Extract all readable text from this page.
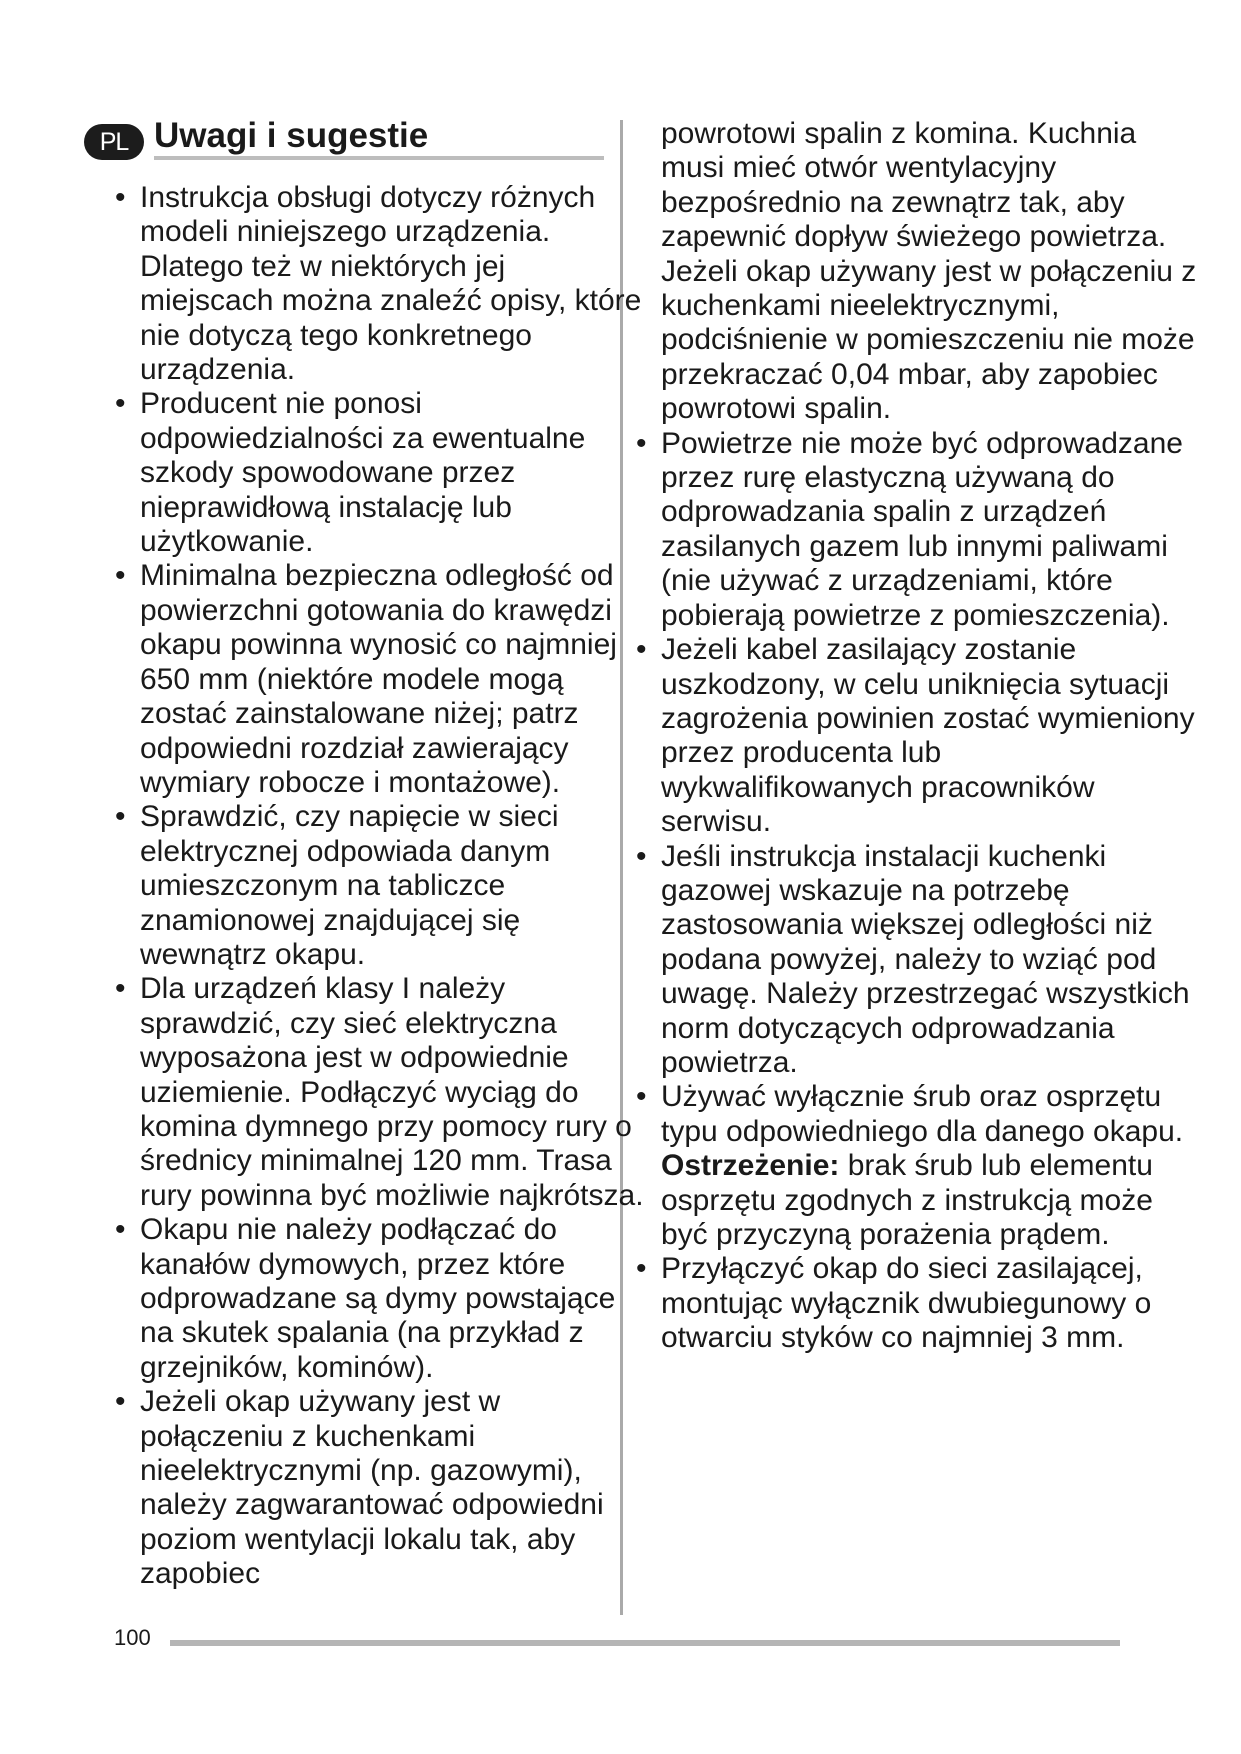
PL Uwagi i sugestie
• Instrukcja obsługi dotyczy różnych modeli niniejszego urządzenia. Dlatego też w niektórych jej miejscach można znaleźć opisy, które nie dotyczą tego konkretnego urządzenia.
• Producent nie ponosi odpowiedzialności za ewentualne szkody spowodowane przez nieprawidłową instalację lub użytkowanie.
• Minimalna bezpieczna odległość od powierzchni gotowania do krawędzi okapu powinna wynosić co najmniej 650 mm (niektóre modele mogą zostać zainstalowane niżej; patrz odpowiedni rozdział zawierający wymiary robocze i montażowe).
• Sprawdzić, czy napięcie w sieci elektrycznej odpowiada danym umieszczonym na tabliczce znamionowej znajdującej się wewnątrz okapu.
• Dla urządzeń klasy I należy sprawdzić, czy sieć elektryczna wyposażona jest w odpowiednie uziemienie. Podłączyć wyciąg do komina dymnego przy pomocy rury o średnicy minimalnej 120 mm. Trasa rury powinna być możliwie najkrótsza.
• Okapu nie należy podłączać do kanałów dymowych, przez które odprowadzane są dymy powstające na skutek spalania (na przykład z grzejników, kominów).
• Jeżeli okap używany jest w połączeniu z kuchenkami nieelektrycznymi (np. gazowymi), należy zagwarantować odpowiedni poziom wentylacji lokalu tak, aby zapobiec

powrotowi spalin z komina. Kuchnia musi mieć otwór wentylacyjny bezpośrednio na zewnątrz tak, aby zapewnić dopływ świeżego powietrza. Jeżeli okap używany jest w połączeniu z kuchenkami nieelektrycznymi, podciśnienie w pomieszczeniu nie może przekraczać 0,04 mbar, aby zapobiec powrotowi spalin.

• Powietrze nie może być odprowadzane przez rurę elastyczną używaną do odprowadzania spalin z urządzeń zasilanych gazem lub innymi paliwami (nie używać z urządzeniami, które pobierają powietrze z pomieszczenia).
• Jeżeli kabel zasilający zostanie uszkodzony, w celu uniknięcia sytuacji zagrożenia powinien zostać wymieniony przez producenta lub wykwalifikowanych pracowników serwisu.
• Jeśli instrukcja instalacji kuchenki gazowej wskazuje na potrzebę zastosowania większej odległości niż podana powyżej, należy to wziąć pod uwagę. Należy przestrzegać wszystkich norm dotyczących odprowadzania powietrza.
• Używać wyłącznie śrub oraz osprzętu typu odpowiedniego dla danego okapu.
Ostrzeżenie: brak śrub lub elementu osprzętu zgodnych z instrukcją może być przyczyną porażenia prądem.
• Przyłączyć okap do sieci zasilającej, montując wyłącznik dwubiegunowy o otwarciu styków co najmniej 3 mm.
100
